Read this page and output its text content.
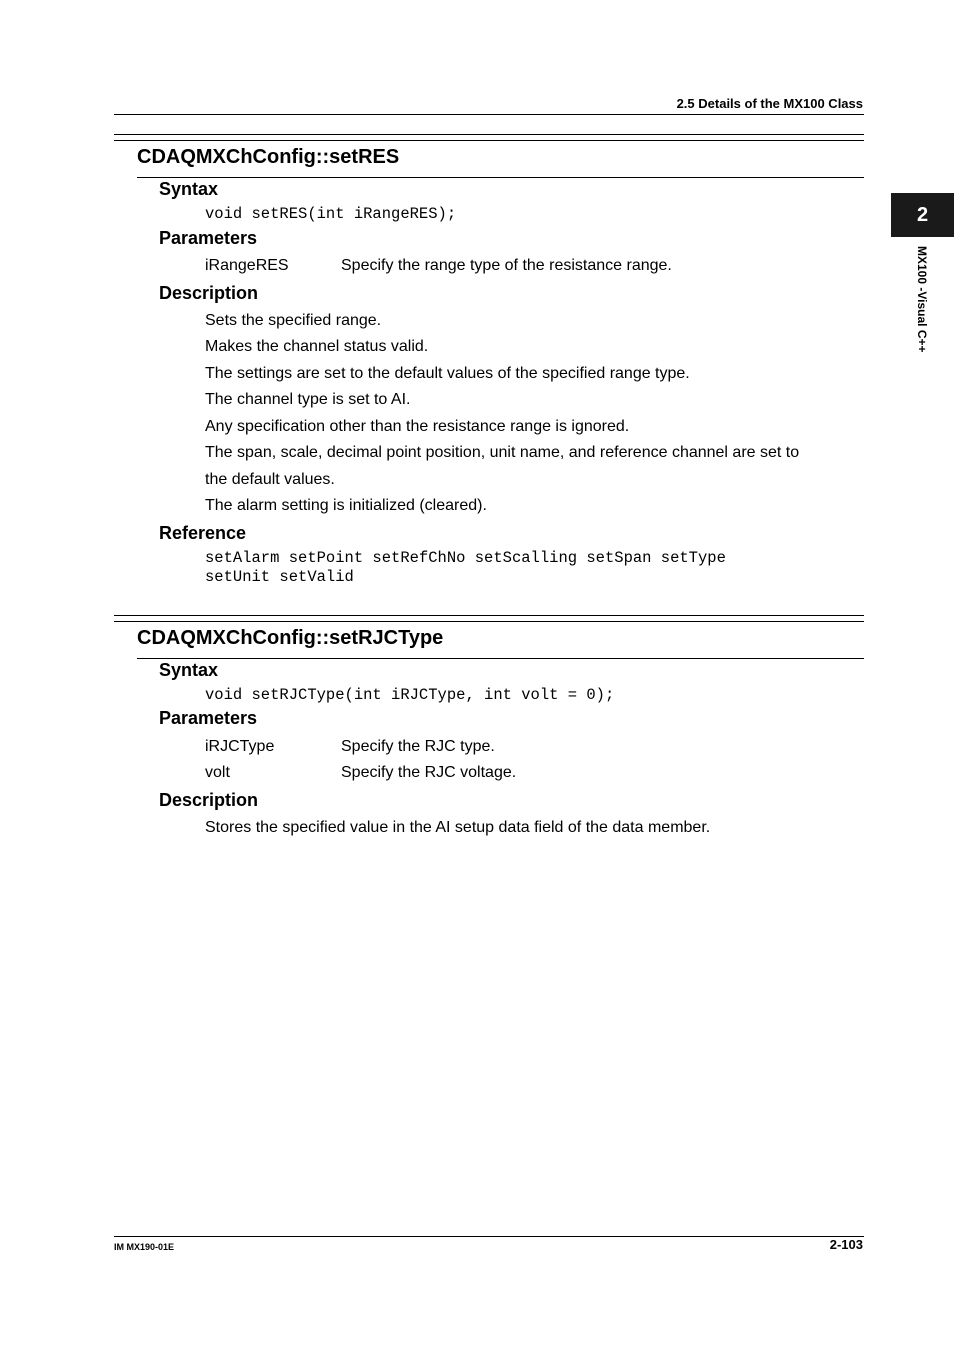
2.5 Details of the MX100 Class
2
MX100 -Visual C++
CDAQMXChConfig::setRES
Syntax
void setRES(int iRangeRES);
Parameters
iRangeRES	Specify the range type of the resistance range.
Description
Sets the specified range.
Makes the channel status valid.
The settings are set to the default values of the specified range type.
The channel type is set to AI.
Any specification other than the resistance range is ignored.
The span, scale, decimal point position, unit name, and reference channel are set to
the default values.
The alarm setting is initialized (cleared).
Reference
setAlarm setPoint setRefChNo setScalling setSpan setType
setUnit setValid
CDAQMXChConfig::setRJCType
Syntax
void setRJCType(int iRJCType, int volt = 0);
Parameters
iRJCType	Specify the RJC type.
volt	Specify the RJC voltage.
Description
Stores the specified value in the AI setup data field of the data member.
IM MX190-01E	2-103
